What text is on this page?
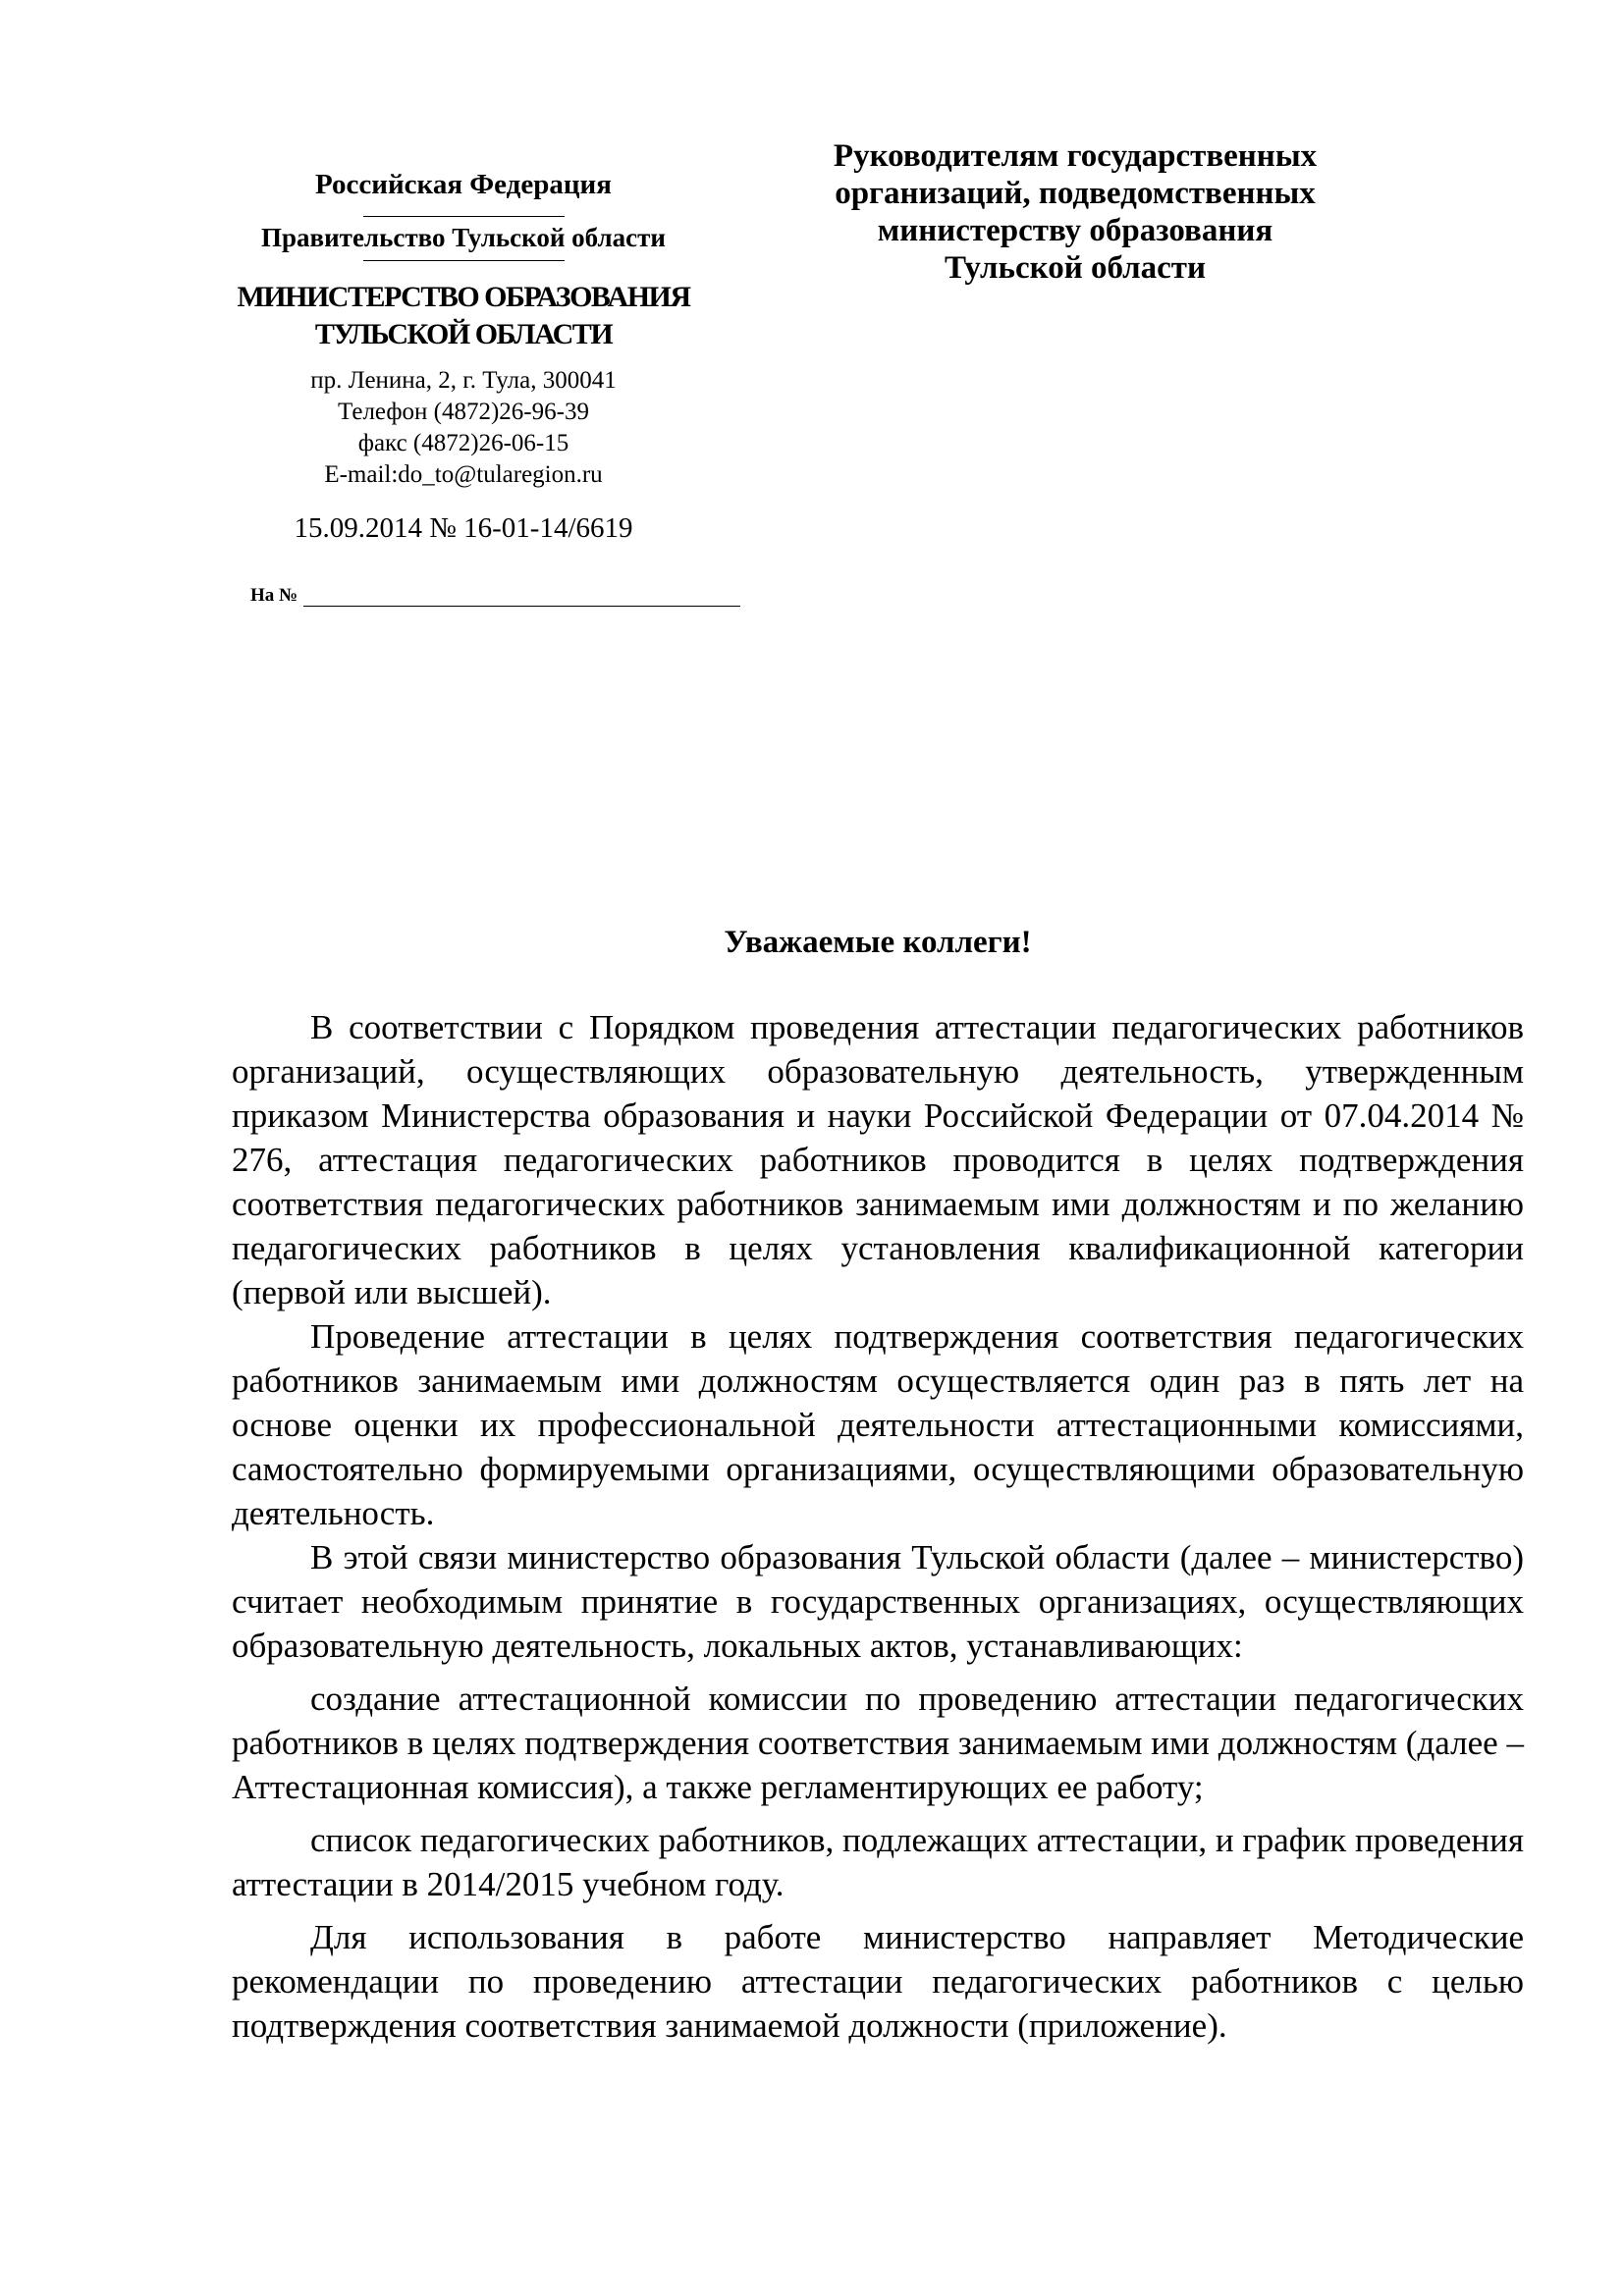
Российская Федерация
Правительство Тульской области
МИНИСТЕРСТВО ОБРАЗОВАНИЯ
ТУЛЬСКОЙ ОБЛАСТИ
пр. Ленина, 2, г. Тула, 300041
Телефон (4872)26-96-39
факс (4872)26-06-15
E-mail:do_to@tularegion.ru
15.09.2014 № 16-01-14/6619
На №
Руководителям государственных
организаций, подведомственных
министерству образования
Тульской области
Уважаемые коллеги!

В соответствии с Порядком проведения аттестации педагогических работников организаций, осуществляющих образовательную деятельность, утвержденным приказом Министерства образования и науки Российской Федерации от 07.04.2014 № 276, аттестация педагогических работников проводится в целях подтверждения соответствия педагогических работников занимаемым ими должностям и по желанию педагогических работников в целях установления квалификационной категории (первой или высшей).

Проведение аттестации в целях подтверждения соответствия педагогических работников занимаемым ими должностям осуществляется один раз в пять лет на основе оценки их профессиональной деятельности аттестационными комиссиями, самостоятельно формируемыми организациями, осуществляющими образовательную деятельность.

В этой связи министерство образования Тульской области (далее – министерство) считает необходимым принятие в государственных организациях, осуществляющих образовательную деятельность, локальных актов, устанавливающих:

создание аттестационной комиссии по проведению аттестации педагогических работников в целях подтверждения соответствия занимаемым ими должностям (далее – Аттестационная комиссия), а также регламентирующих ее работу;

список педагогических работников, подлежащих аттестации, и график проведения аттестации в 2014/2015 учебном году.

Для использования в работе министерство направляет Методические рекомендации по проведению аттестации педагогических работников с целью подтверждения соответствия занимаемой должности (приложение).
